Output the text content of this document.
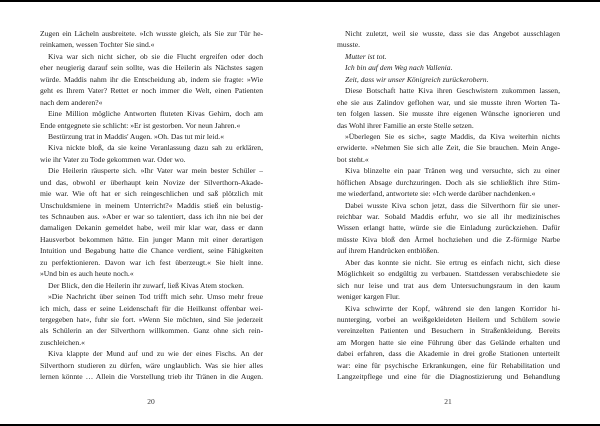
Zugen ein Lächeln ausbreitete. »Ich wusste gleich, als Sie zur Tür he-
reinkamen, wessen Tochter Sie sind.«
Kiva war sich nicht sicher, ob sie die Flucht ergreifen oder doch
eher neugierig darauf sein sollte, was die Heilerin als Nächstes sagen
würde. Maddis nahm ihr die Entscheidung ab, indem sie fragte: »Wie
geht es Ihrem Vater? Rettet er noch immer die Welt, einen Patienten
nach dem anderen?«
Eine Million mögliche Antworten fluteten Kivas Gehirn, doch am
Ende entgegnete sie schlicht: »Er ist gestorben. Vor neun Jahren.«
Bestürzung trat in Maddis' Augen. »Oh. Das tut mir leid.«
Kiva nickte bloß, da sie keine Veranlassung dazu sah zu erklären,
wie ihr Vater zu Tode gekommen war. Oder wo.
Die Heilerin räusperte sich. »Ihr Vater war mein bester Schüler –
und das, obwohl er überhaupt kein Novize der Silverthorn-Akade-
mie war. Wie oft hat er sich reingeschlichen und saß plötzlich mit
Unschuldsmiene in meinem Unterricht?« Maddis stieß ein belustig-
tes Schnauben aus. »Aber er war so talentiert, dass ich ihn nie bei der
damaligen Dekanin gemeldet habe, weil mir klar war, dass er dann
Hausverbot bekommen hätte. Ein junger Mann mit einer derartigen
Intuition und Begabung hatte die Chance verdient, seine Fähigkeiten
zu perfektionieren. Davon war ich fest überzeugt.« Sie hielt inne.
»Und bin es auch heute noch.«
Der Blick, den die Heilerin ihr zuwarf, ließ Kivas Atem stocken.
»Die Nachricht über seinen Tod trifft mich sehr. Umso mehr freue
ich mich, dass er seine Leidenschaft für die Heilkunst offenbar wei-
tergegeben hat«, fuhr sie fort. »Wenn Sie möchten, sind Sie jederzeit
als Schülerin an der Silverthorn willkommen. Ganz ohne sich rein-
zuschleichen.«
Kiva klappte der Mund auf und zu wie der eines Fischs. An der
Silverthorn studieren zu dürfen, wäre unglaublich. Was sie hier alles
lernen könnte … Allein die Vorstellung trieb ihr Tränen in die Augen.
20
Nicht zuletzt, weil sie wusste, dass sie das Angebot ausschlagen
musste.
Mutter ist tot.
Ich bin auf dem Weg nach Vallenia.
Zeit, dass wir unser Königreich zurückerobern.
Diese Botschaft hatte Kiva ihren Geschwistern zukommen lassen,
ehe sie aus Zalindov geflohen war, und sie musste ihren Worten Ta-
ten folgen lassen. Sie musste ihre eigenen Wünsche ignorieren und
das Wohl ihrer Familie an erste Stelle setzen.
»Überlegen Sie es sich«, sagte Maddis, da Kiva weiterhin nichts
erwiderte. »Nehmen Sie sich alle Zeit, die Sie brauchen. Mein Ange-
bot steht.«
Kiva blinzelte ein paar Tränen weg und versuchte, sich zu einer
höflichen Absage durchzuringen. Doch als sie schließlich ihre Stim-
me wiederfand, antwortete sie: »Ich werde darüber nachdenken.«
Dabei wusste Kiva schon jetzt, dass die Silverthorn für sie uner-
reichbar war. Sobald Maddis erfuhr, wo sie all ihr medizinisches
Wissen erlangt hatte, würde sie die Einladung zurückziehen. Dafür
müsste Kiva bloß den Ärmel hochziehen und die Z-förmige Narbe
auf ihrem Handrücken entblößen.
Aber das konnte sie nicht. Sie ertrug es einfach nicht, sich diese
Möglichkeit so endgültig zu verbauen. Stattdessen verabschiedete sie
sich nur leise und trat aus dem Untersuchungsraum in den kaum
weniger kargen Flur.
Kiva schwirrte der Kopf, während sie den langen Korridor hi-
nunterging, vorbei an weißgekleideten Heilern und Schülern sowie
vereinzelten Patienten und Besuchern in Straßenkleidung. Bereits
am Morgen hatte sie eine Führung über das Gelände erhalten und
dabei erfahren, dass die Akademie in drei große Stationen unterteilt
war: eine für psychische Erkrankungen, eine für Rehabilitation und
Langzeitpflege und eine für die Diagnostizierung und Behandlung
21
